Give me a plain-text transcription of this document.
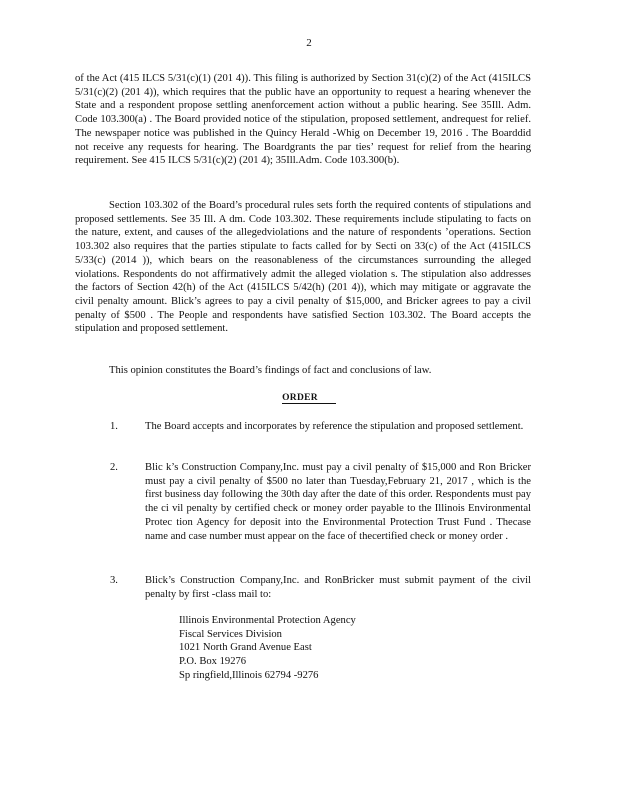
2

of the Act (415 ILCS 5/31(c)(1) (201 4)). This filing is authorized by Section 31(c)(2) of the Act (415ILCS 5/31(c)(2) (201 4)), which requires that the public have an opportunity to request a hearing whenever the State and a respondent propose settling anenforcement action without a public hearing. See 35Ill. Adm. Code 103.300(a) . The Board provided notice of the stipulation, proposed settlement, andrequest for relief. The newspaper notice was published in the Quincy Herald -Whig on December 19, 2016 . The Boarddid not receive any requests for hearing. The Boardgrants the par ties’ request for relief from the hearing requirement. See 415 ILCS 5/31(c)(2) (201 4); 35Ill.Adm. Code 103.300(b).

Section 103.302 of the Board’s procedural rules sets forth the required contents of stipulations and proposed settlements. See 35 Ill. A dm. Code 103.302. These requirements include stipulating to facts on the nature, extent, and causes of the allegedviolations and the nature of respondents ’operations. Section 103.302 also requires that the parties stipulate to facts called for by Secti on 33(c) of the Act (415ILCS 5/33(c) (2014 )), which bears on the reasonableness of the circumstances surrounding the alleged violations. Respondents do not affirmatively admit the alleged violation s. The stipulation also addresses the factors of Section 42(h) of the Act (415ILCS 5/42(h) (201 4)), which may mitigate or aggravate the civil penalty amount. Blick’s agrees to pay a civil penalty of $15,000, and Bricker agrees to pay a civil penalty of $500 . The People and respondents have satisfied Section 103.302. The Board accepts the stipulation and proposed settlement.

This opinion constitutes the Board’s findings of fact and conclusions of law.

ORDER
1.	The Board accepts and incorporates by reference the stipulation and proposed settlement.

2.	Blic k’s Construction Company,Inc. must pay a civil penalty of $15,000 and Ron Bricker must pay a civil penalty of $500 no later than Tuesday,February 21, 2017 , which is the first business day following the 30th day after the date of this order. Respondents must pay the ci vil penalty by certified check or money order payable to the Illinois Environmental Protec tion Agency for deposit into the Environmental Protection Trust Fund . Thecase name and case number must appear on the face of thecertified check or money order .

3.	Blick’s Construction Company,Inc. and RonBricker must submit payment of the civil penalty by first -class mail to:

Illinois Environmental Protection Agency
Fiscal Services Division
1021 North Grand Avenue East
P.O. Box 19276
Sp ringfield,Illinois 62794 -9276
